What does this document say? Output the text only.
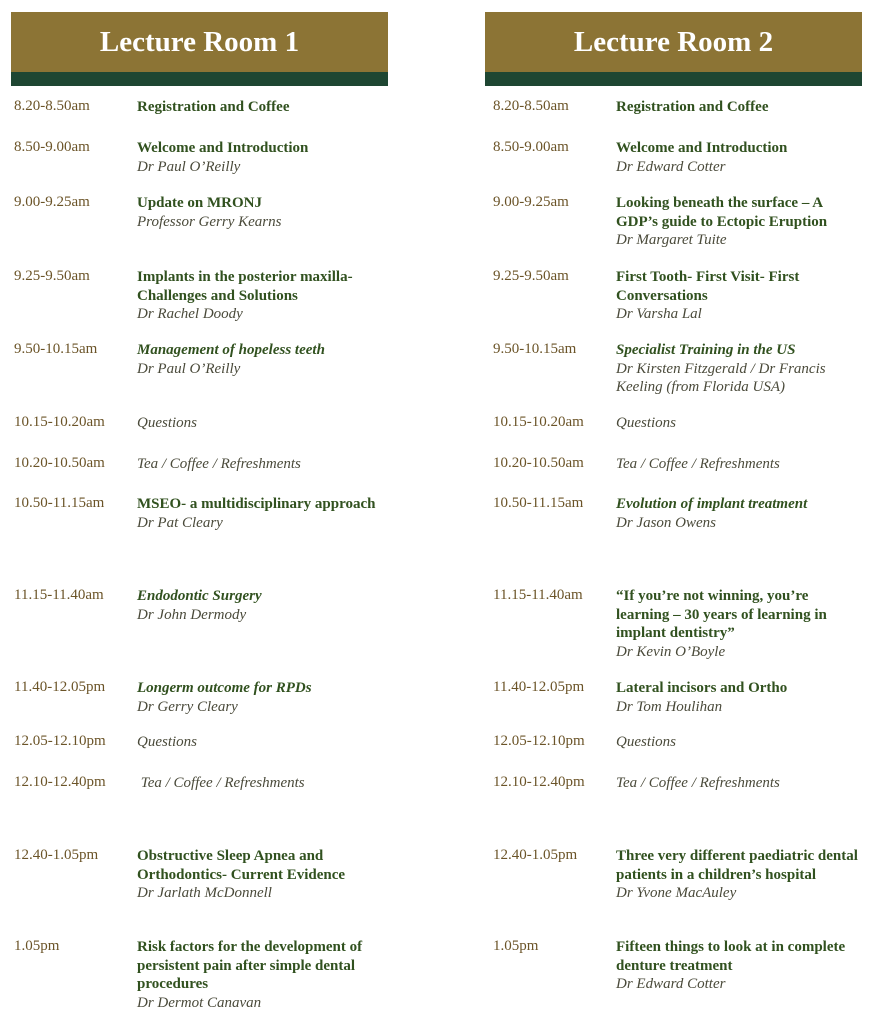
Lecture Room 1
8.20-8.50am	Registration and Coffee
8.50-9.00am	Welcome and Introduction
Dr Paul O’Reilly
9.00-9.25am	Update on MRONJ
Professor Gerry Kearns
9.25-9.50am	Implants in the posterior maxilla- Challenges and Solutions
Dr Rachel Doody
9.50-10.15am	Management of hopeless teeth
Dr Paul O’Reilly
10.15-10.20am Questions
10.20-10.50am Tea / Coffee / Refreshments
10.50-11.15am MSEO- a multidisciplinary approach
Dr Pat Cleary
11.15-11.40am Endodontic Surgery
Dr John Dermody
11.40-12.05pm Longerm outcome for RPDs
Dr Gerry Cleary
12.05-12.10pm Questions
12.10-12.40pm Tea / Coffee / Refreshments
12.40-1.05pm	Obstructive Sleep Apnea and Orthodontics- Current Evidence
Dr Jarlath McDonnell
1.05pm	Risk factors for the development of persistent pain after simple dental procedures
Dr Dermot Canavan
Lecture Room 2
8.20-8.50am	Registration and Coffee
8.50-9.00am	Welcome and Introduction
Dr Edward Cotter
9.00-9.25am	Looking beneath the surface – A GDP’s guide to Ectopic Eruption
Dr Margaret Tuite
9.25-9.50am	First Tooth- First Visit- First Conversations
Dr Varsha Lal
9.50-10.15am	Specialist Training in the US
Dr Kirsten Fitzgerald / Dr Francis Keeling (from Florida USA)
10.15-10.20am Questions
10.20-10.50am Tea / Coffee / Refreshments
10.50-11.15am Evolution of implant treatment
Dr Jason Owens
11.15-11.40am “If you’re not winning, you’re learning – 30 years of learning in implant dentistry”
Dr Kevin O’Boyle
11.40-12.05pm Lateral incisors and Ortho
Dr Tom Houlihan
12.05-12.10pm Questions
12.10-12.40pm Tea / Coffee / Refreshments
12.40-1.05pm	Three very different paediatric dental patients in a children’s hospital
Dr Yvone MacAuley
1.05pm	Fifteen things to look at in complete denture treatment
Dr Edward Cotter
